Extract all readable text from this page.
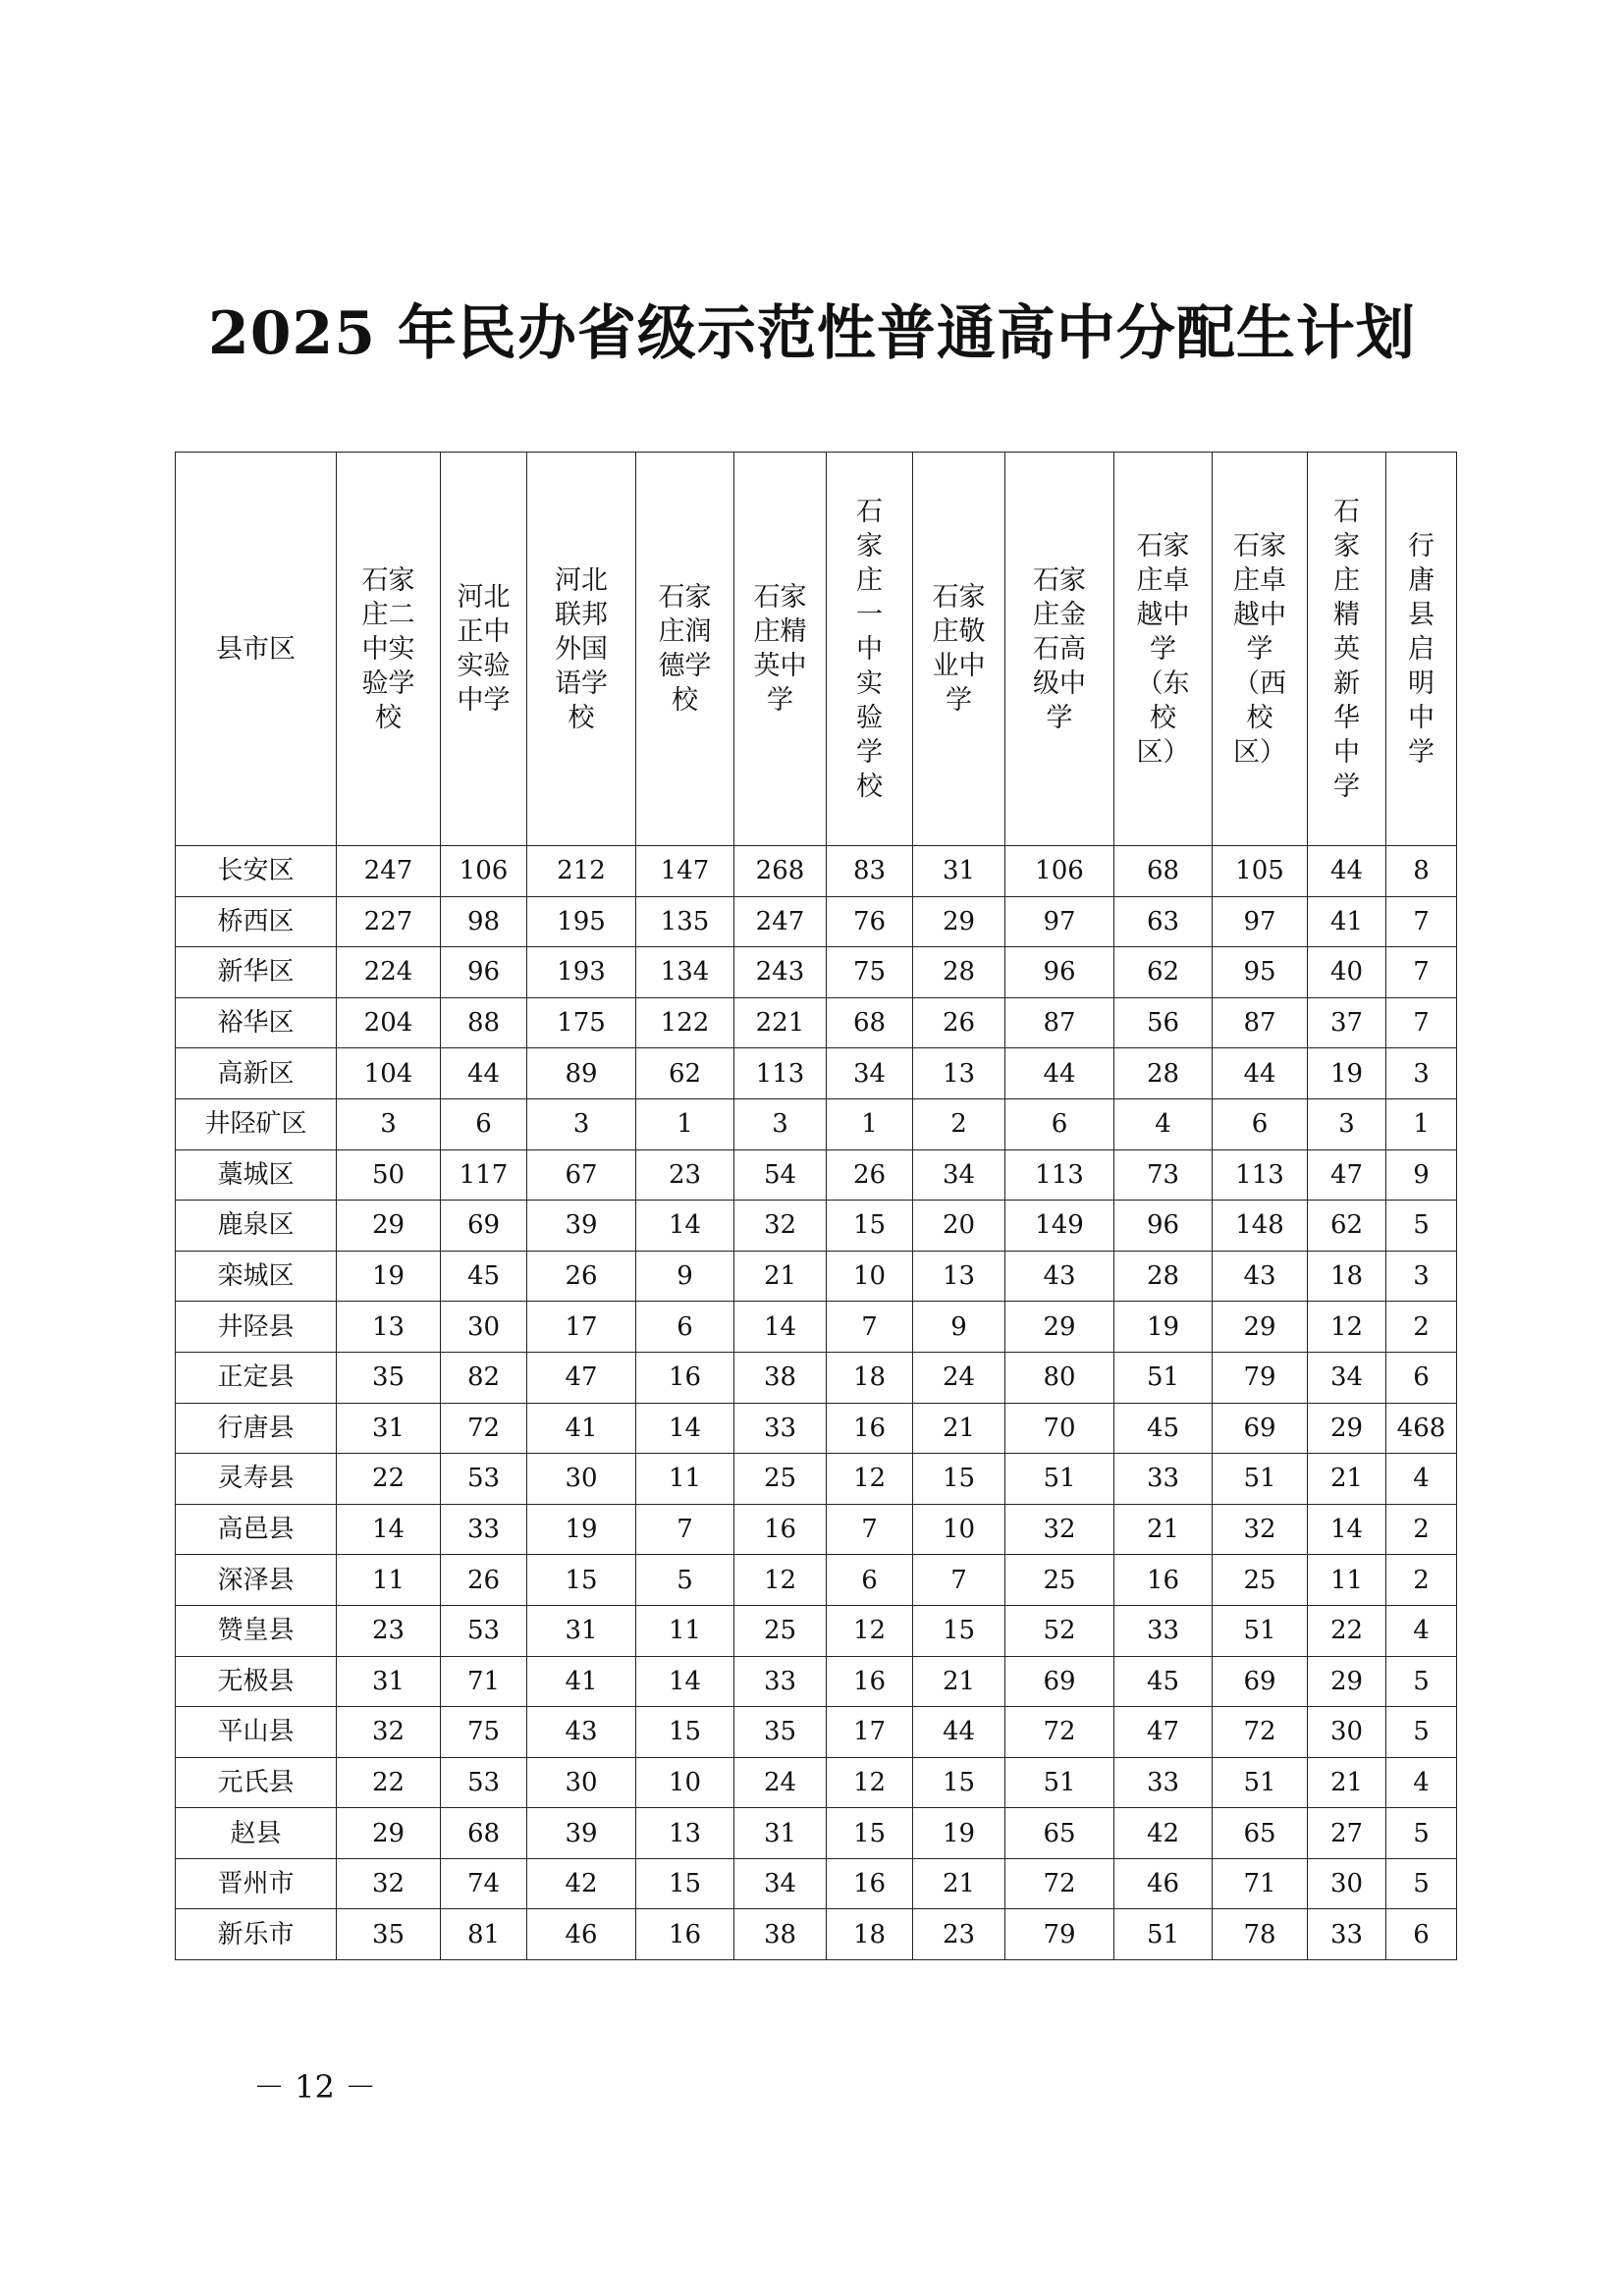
2025 年民办省级示范性普通高中分配生计划
县市区	石家庄二中实验学校	河北正中实验中学	河北联邦外国语学校	石家庄润德学校	石家庄精英中学	石家庄一中实验学校	石家庄敬业中学	石家庄金石高级中学	石家庄卓越中学（东校区）	石家庄卓越中学（西校区）	石家庄精英新华中学	行唐县启明中学
长安区	247	106	212	147	268	83	31	106	68	105	44	8
桥西区	227	98	195	135	247	76	29	97	63	97	41	7
新华区	224	96	193	134	243	75	28	96	62	95	40	7
裕华区	204	88	175	122	221	68	26	87	56	87	37	7
高新区	104	44	89	62	113	34	13	44	28	44	19	3
井陉矿区	3	6	3	1	3	1	2	6	4	6	3	1
藁城区	50	117	67	23	54	26	34	113	73	113	47	9
鹿泉区	29	69	39	14	32	15	20	149	96	148	62	5
栾城区	19	45	26	9	21	10	13	43	28	43	18	3
井陉县	13	30	17	6	14	7	9	29	19	29	12	2
正定县	35	82	47	16	38	18	24	80	51	79	34	6
行唐县	31	72	41	14	33	16	21	70	45	69	29	468
灵寿县	22	53	30	11	25	12	15	51	33	51	21	4
高邑县	14	33	19	7	16	7	10	32	21	32	14	2
深泽县	11	26	15	5	12	6	7	25	16	25	11	2
赞皇县	23	53	31	11	25	12	15	52	33	51	22	4
无极县	31	71	41	14	33	16	21	69	45	69	29	5
平山县	32	75	43	15	35	17	44	72	47	72	30	5
元氏县	22	53	30	10	24	12	15	51	33	51	21	4
赵县	29	68	39	13	31	15	19	65	42	65	27	5
晋州市	32	74	42	15	34	16	21	72	46	71	30	5
新乐市	35	81	46	16	38	18	23	79	51	78	33	6
－ 12 －
